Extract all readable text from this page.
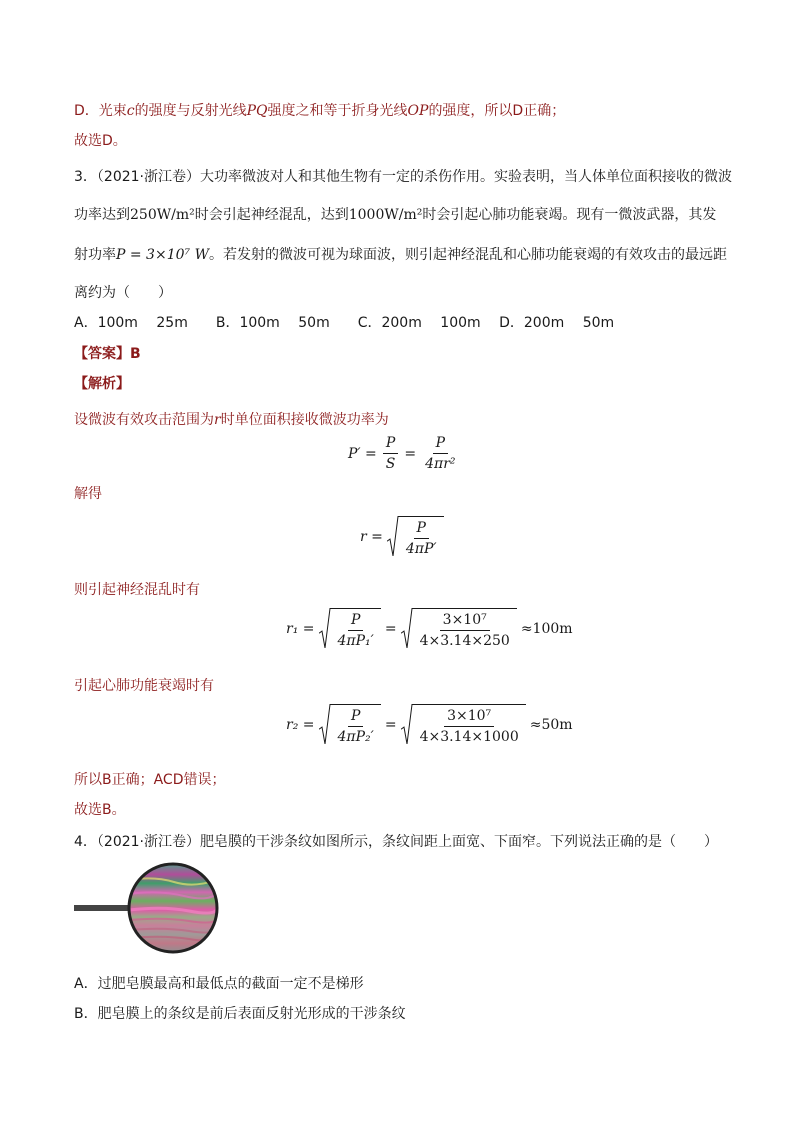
D．光束c的强度与反射光线PQ强度之和等于折身光线OP的强度，所以D正确；
故选D。
3．（2021·浙江卷）大功率微波对人和其他生物有一定的杀伤作用。实验表明，当人体单位面积接收的微波
功率达到250W/m²时会引起神经混乱，达到1000W/m²时会引起心肺功能衰竭。现有一微波武器，其发
射功率P = 3×10⁷ W。若发射的微波可视为球面波，则引起神经混乱和心肺功能衰竭的有效攻击的最远距
离约为（　　）
A．100m　 25m　　B．100m　 50m　　C．200m　 100m　 D．200m　 50m
【答案】B
【解析】
设微波有效攻击范围为r时单位面积接收微波功率为
$P' = \frac{P}{S} = \frac{P}{\text{4πr²}}$
解得
$r = \frac{P}{4\pi P'}$
则引起神经混乱时有
$r_1 = \frac{P}{\text{4πP₁′}} = \frac{\text{3×10⁷}}{4\times 3.14\times 250} \approx 100m$
引起心肺功能衰竭时有
$r_2 = \frac{P}{\text{4πP₂′}} = \frac{\text{3×10⁷}}{4\times 3.14\times 1000} \approx 50m$
所以B正确；ACD错误；
故选B。
4．（2021·浙江卷）肥皂膜的干涉条纹如图所示，条纹间距上面宽、下面窄。下列说法正确的是（　　）
A．过肥皂膜最高和最低点的截面一定不是梯形
B．肥皂膜上的条纹是前后表面反射光形成的干涉条纹
